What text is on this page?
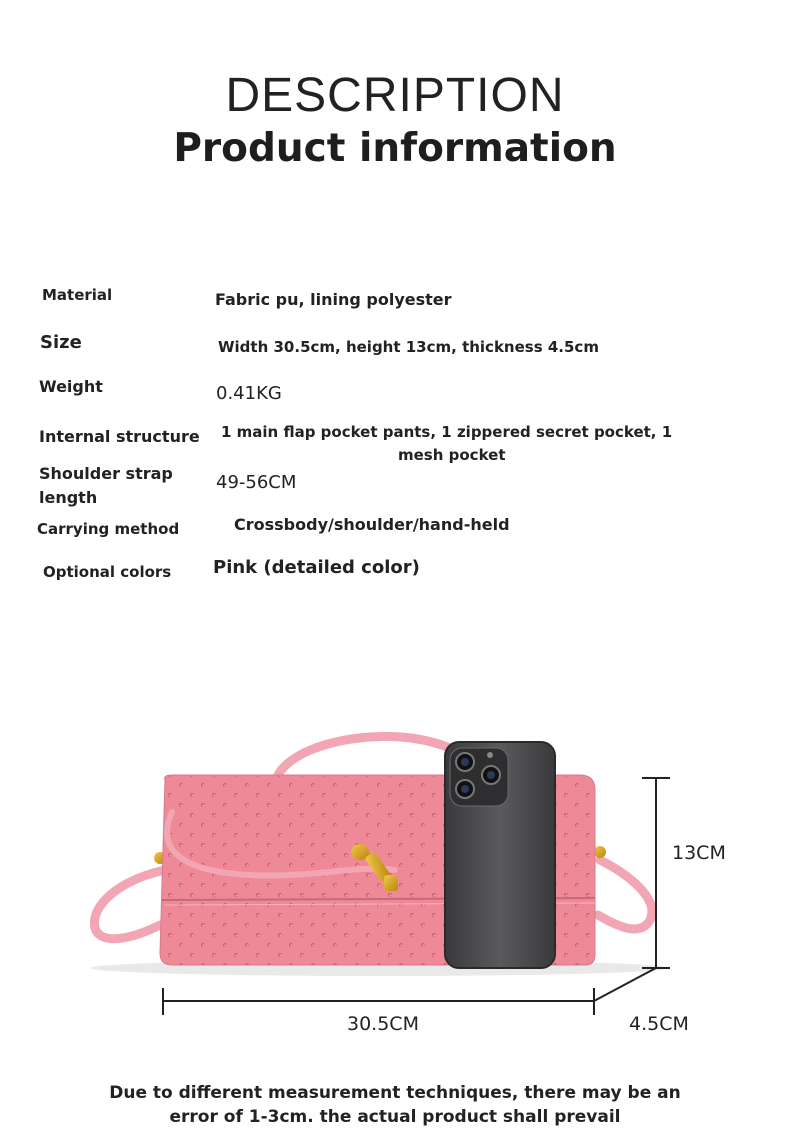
DESCRIPTION
Product information
Material
Size
Weight
Internal structure
Shoulder strap
length
Carrying method
Optional colors
Fabric pu, lining polyester
Width 30.5cm, height 13cm, thickness 4.5cm
0.41KG
1 main flap pocket pants, 1 zippered secret pocket, 1
mesh pocket
49-56CM
Crossbody/shoulder/hand-held
Pink (detailed color)
13CM
30.5CM	4.5CM
Due to different measurement techniques, there may be an
error of 1-3cm. the actual product shall prevail
